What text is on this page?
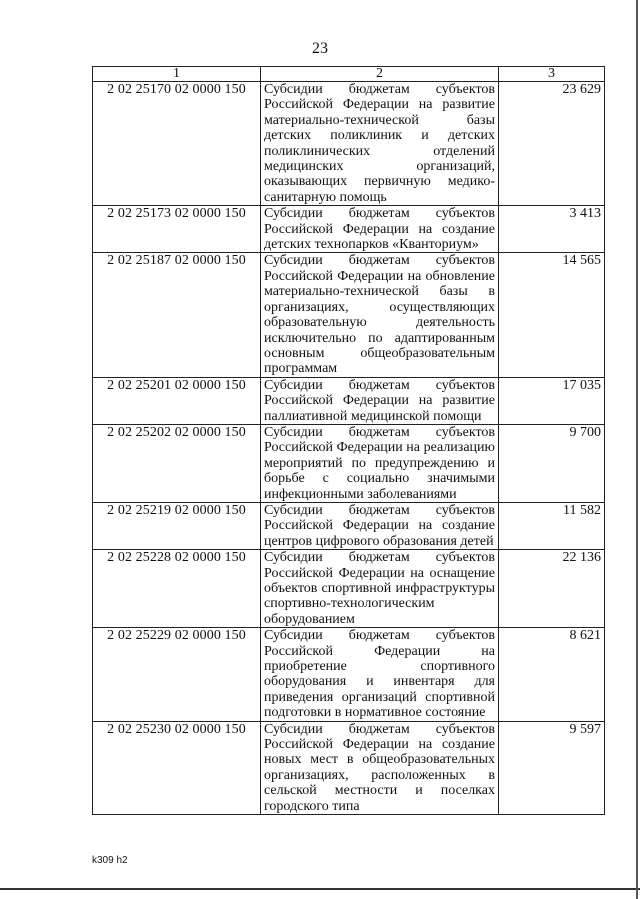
23
1	2	3
2 02 25170 02 0000 150	Субсидии бюджетам субъектов Российской Федерации на развитие материально-технической базы детских поликлиник и детских поликлинических отделений медицинских организаций, оказывающих первичную медико-санитарную помощь	23 629
2 02 25173 02 0000 150	Субсидии бюджетам субъектов Российской Федерации на создание детских технопарков «Кванториум»	3 413
2 02 25187 02 0000 150	Субсидии бюджетам субъектов Российской Федерации на обновление материально-технической базы в организациях, осуществляющих образовательную деятельность исключительно по адаптированным основным общеобразовательным программам	14 565
2 02 25201 02 0000 150	Субсидии бюджетам субъектов Российской Федерации на развитие паллиативной медицинской помощи	17 035
2 02 25202 02 0000 150	Субсидии бюджетам субъектов Российской Федерации на реализацию мероприятий по предупреждению и борьбе с социально значимыми инфекционными заболеваниями	9 700
2 02 25219 02 0000 150	Субсидии бюджетам субъектов Российской Федерации на создание центров цифрового образования детей	11 582
2 02 25228 02 0000 150	Субсидии бюджетам субъектов Российской Федерации на оснащение объектов спортивной инфраструктуры спортивно-технологическим оборудованием	22 136
2 02 25229 02 0000 150	Субсидии бюджетам субъектов Российской Федерации на приобретение спортивного оборудования и инвентаря для приведения организаций спортивной подготовки в нормативное состояние	8 621
2 02 25230 02 0000 150	Субсидии бюджетам субъектов Российской Федерации на создание новых мест в общеобразовательных организациях, расположенных в сельской местности и поселках городского типа	9 597
k309 h2
